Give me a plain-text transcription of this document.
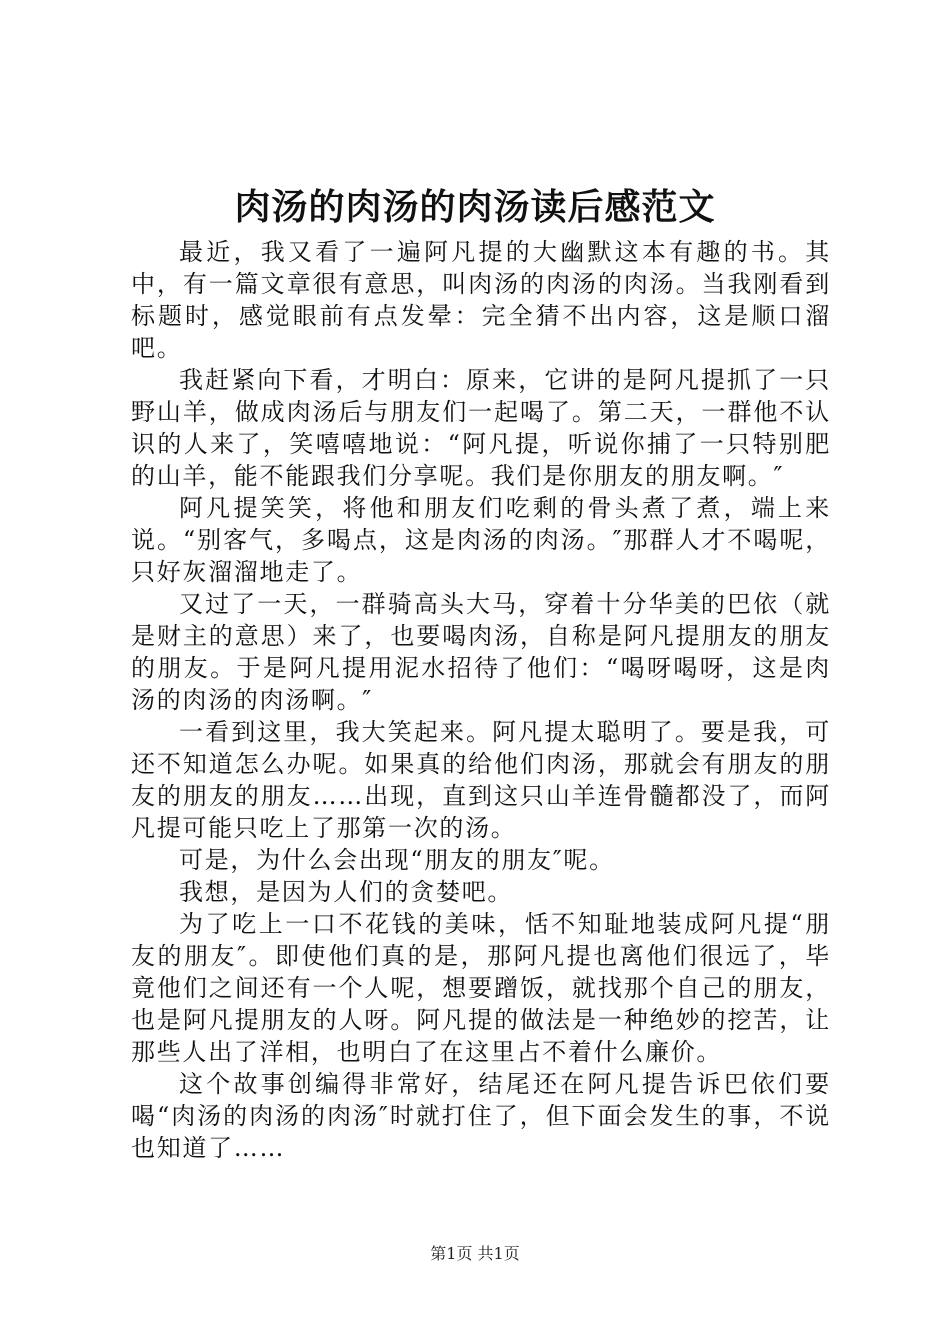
肉汤的肉汤的肉汤读后感范文

最近，我又看了一遍阿凡提的大幽默这本有趣的书。其中，有一篇文章很有意思，叫肉汤的肉汤的肉汤。当我刚看到标题时，感觉眼前有点发晕：完全猜不出内容，这是顺口溜吧。

我赶紧向下看，才明白：原来，它讲的是阿凡提抓了一只野山羊，做成肉汤后与朋友们一起喝了。第二天，一群他不认识的人来了，笑嘻嘻地说：“阿凡提，听说你捕了一只特别肥的山羊，能不能跟我们分享呢。我们是你朋友的朋友啊。″

阿凡提笑笑，将他和朋友们吃剩的骨头煮了煮，端上来说。“别客气，多喝点，这是肉汤的肉汤。″那群人才不喝呢，只好灰溜溜地走了。

又过了一天，一群骑高头大马，穿着十分华美的巴依（就是财主的意思）来了，也要喝肉汤，自称是阿凡提朋友的朋友的朋友。于是阿凡提用泥水招待了他们：“喝呀喝呀，这是肉汤的肉汤的肉汤啊。″

一看到这里，我大笑起来。阿凡提太聪明了。要是我，可还不知道怎么办呢。如果真的给他们肉汤，那就会有朋友的朋友的朋友的朋友……出现，直到这只山羊连骨髓都没了，而阿凡提可能只吃上了那第一次的汤。

可是，为什么会出现“朋友的朋友″呢。

我想，是因为人们的贪婪吧。

为了吃上一口不花钱的美味，恬不知耻地装成阿凡提“朋友的朋友″。即使他们真的是，那阿凡提也离他们很远了，毕竟他们之间还有一个人呢，想要蹭饭，就找那个自己的朋友，也是阿凡提朋友的人呀。阿凡提的做法是一种绝妙的挖苦，让那些人出了洋相，也明白了在这里占不着什么廉价。

这个故事创编得非常好，结尾还在阿凡提告诉巴依们要喝“肉汤的肉汤的肉汤″时就打住了，但下面会发生的事，不说也知道了……

第1页 共1页
